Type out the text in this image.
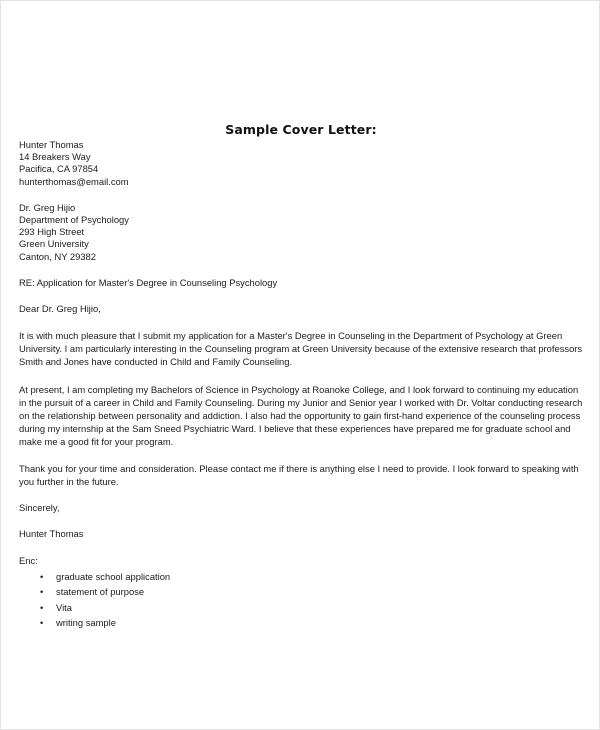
Sample Cover Letter:
Hunter Thomas
14 Breakers Way
Pacifica, CA 97854
hunterthomas@email.com
Dr. Greg Hijio
Department of Psychology
293 High Street
Green University
Canton, NY 29382
RE: Application for Master's Degree in Counseling Psychology
Dear Dr. Greg Hijio,
It is with much pleasure that I submit my application for a Master's Degree in Counseling in the Department of Psychology at Green University. I am particularly interesting in the Counseling program at Green University because of the extensive research that professors Smith and Jones have conducted in Child and Family Counseling.
At present, I am completing my Bachelors of Science in Psychology at Roanoke College, and I look forward to continuing my education in the pursuit of a career in Child and Family Counseling. During my Junior and Senior year I worked with Dr. Voltar conducting research on the relationship between personality and addiction. I also had the opportunity to gain first-hand experience of the counseling process during my internship at the Sam Sneed Psychiatric Ward. I believe that these experiences have prepared me for graduate school and make me a good fit for your program.
Thank you for your time and consideration. Please contact me if there is anything else I need to provide. I look forward to speaking with you further in the future.
Sincerely,
Hunter Thomas
Enc:
• graduate school application
• statement of purpose
• Vita
• writing sample
